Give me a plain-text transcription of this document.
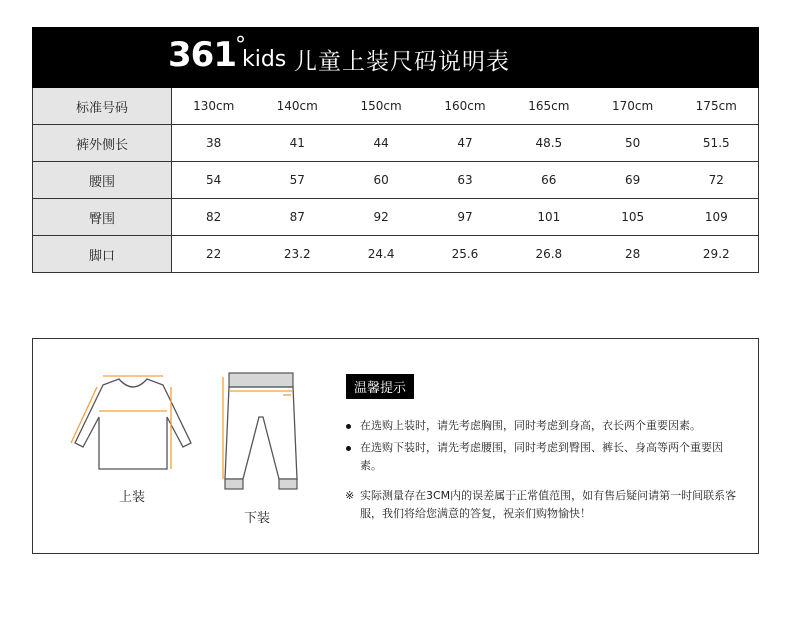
361°kids 儿童上装尺码说明表
标准号码	130cm	140cm	150cm	160cm	165cm	170cm	175cm
裤外侧长	38	41	44	47	48.5	50	51.5
腰围	54	57	60	63	66	69	72
臀围	82	87	92	97	101	105	109
脚口	22	23.2	24.4	25.6	26.8	28	29.2
上装
下装
温馨提示
在选购上装时，请先考虑胸围，同时考虑到身高，衣长两个重要因素。
在选购下装时，请先考虑腰围，同时考虑到臀围、裤长、身高等两个重要因素。
※ 实际测量存在3CM内的误差属于正常值范围，如有售后疑问请第一时间联系客服，我们将给您满意的答复，祝亲们购物愉快！
